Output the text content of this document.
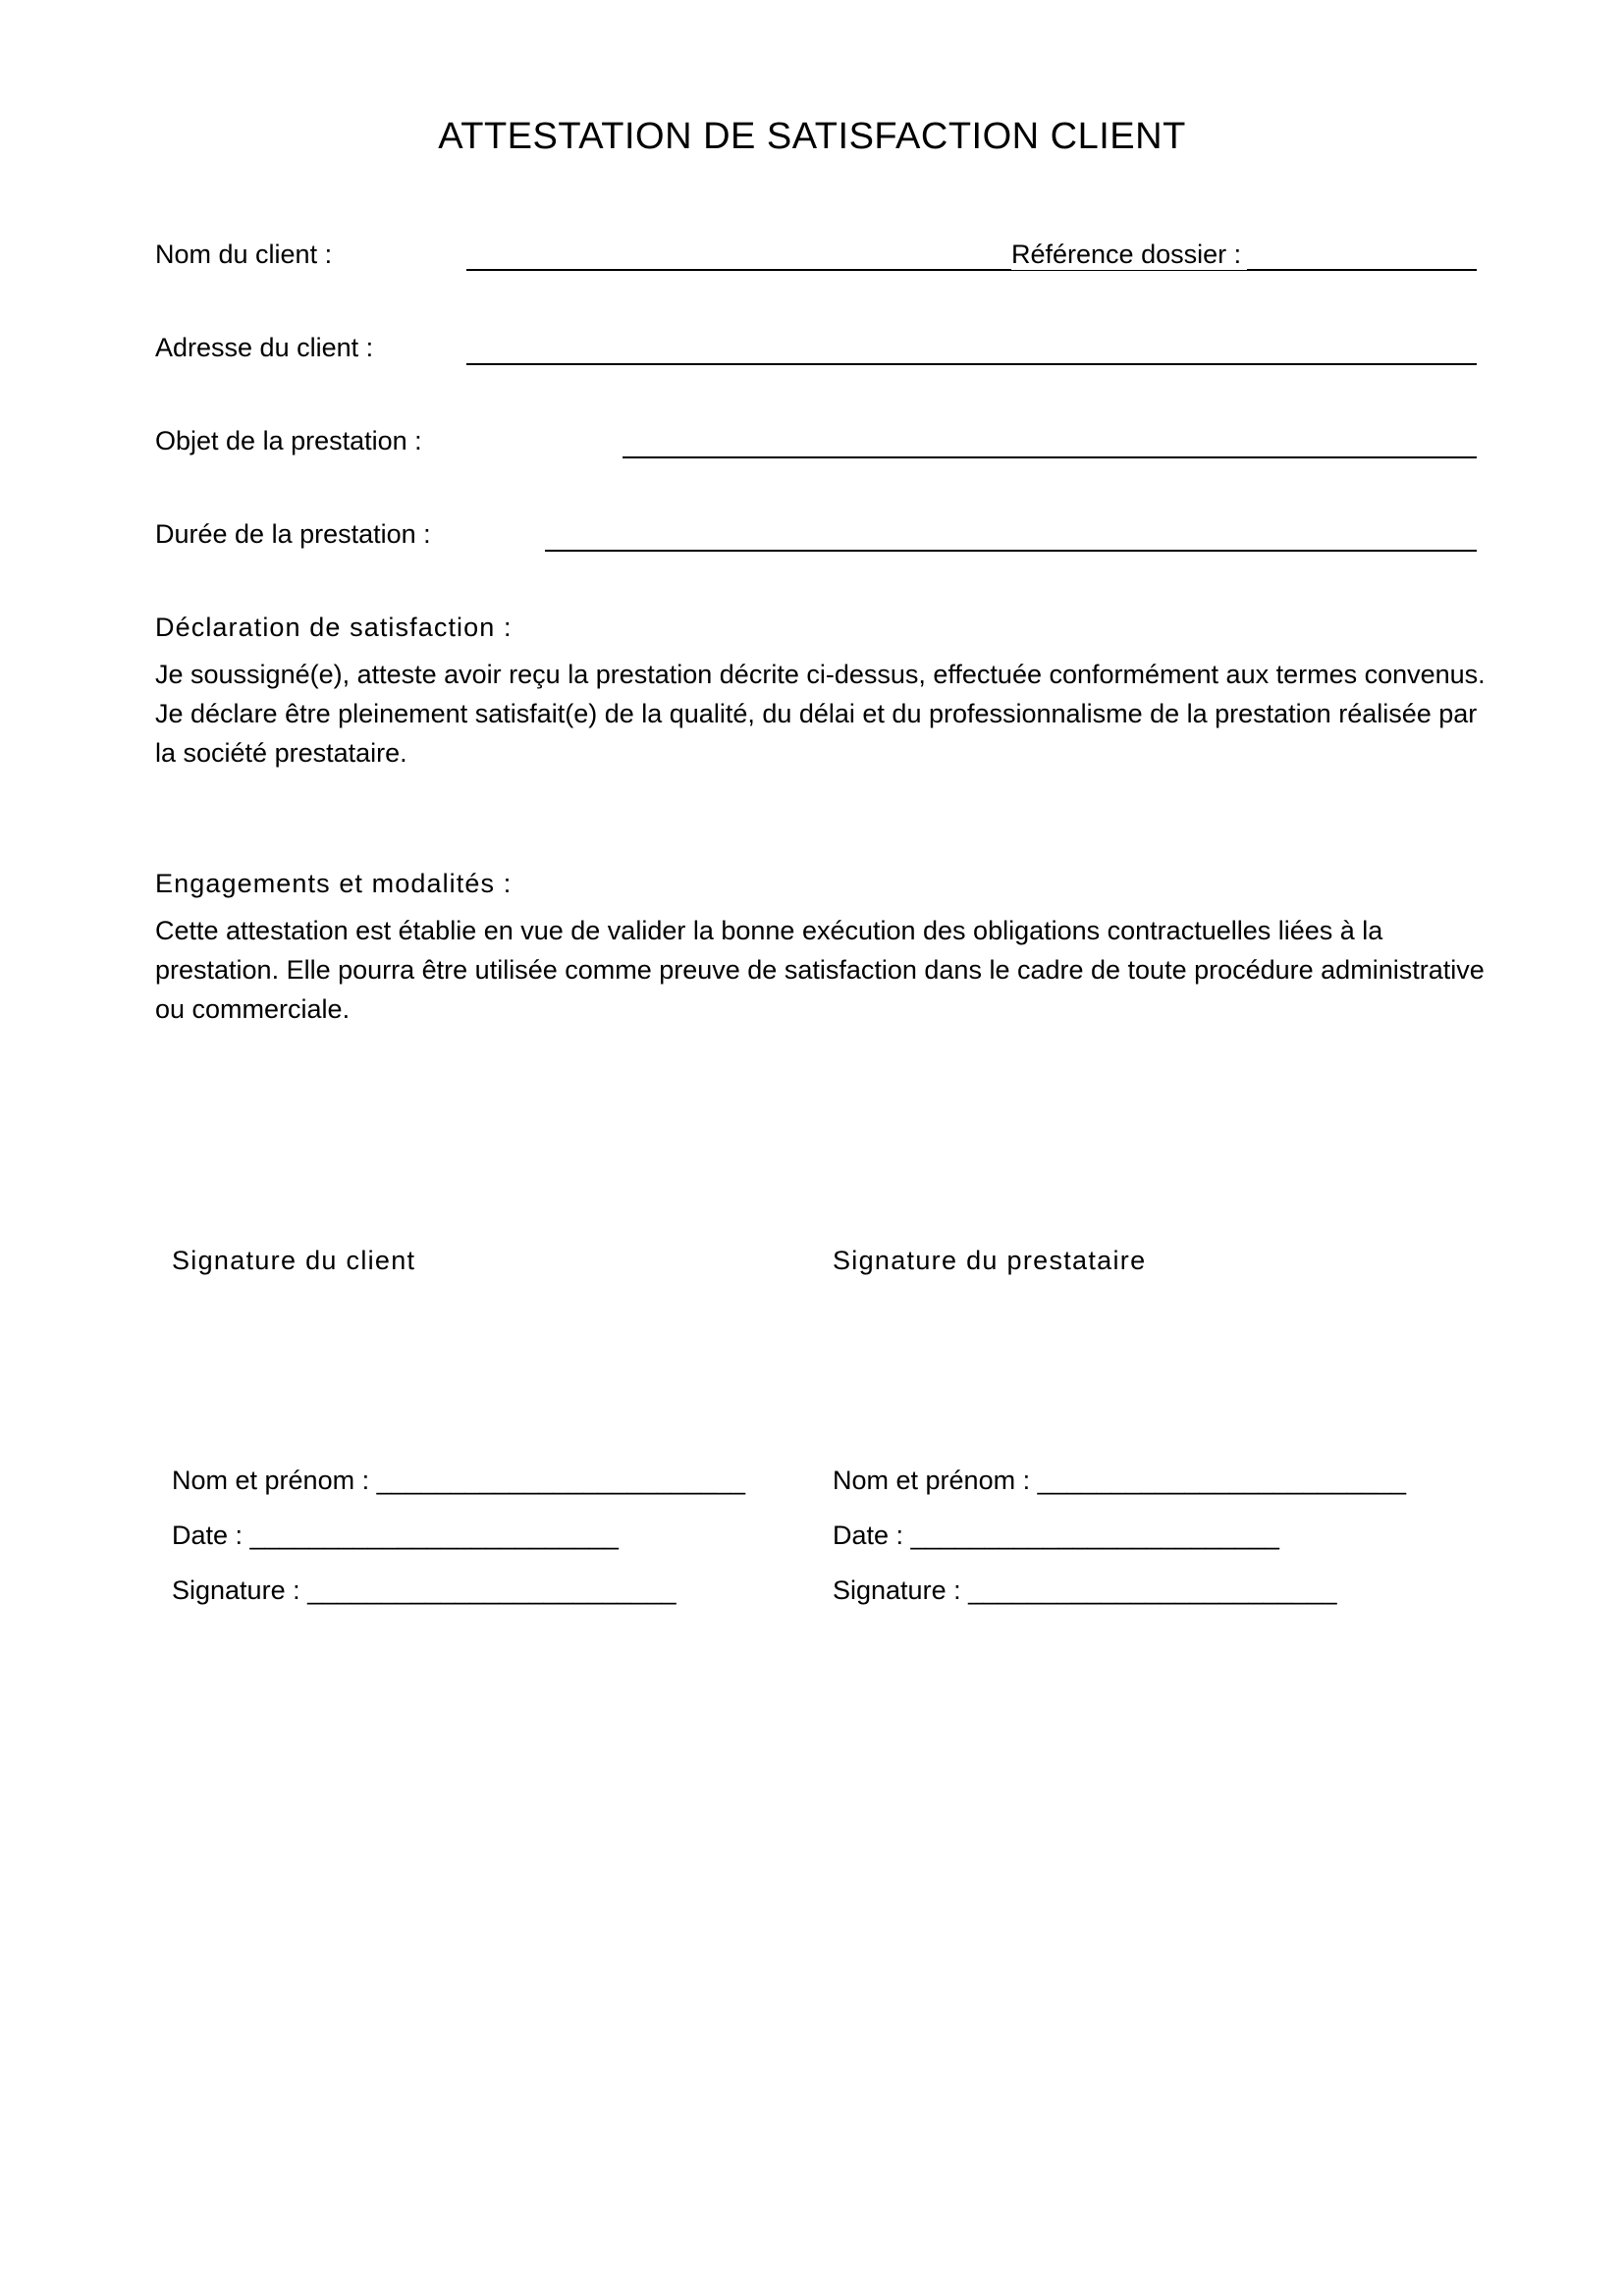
ATTESTATION DE SATISFACTION CLIENT
Nom du client :	Référence dossier :
Adresse du client :
Objet de la prestation :
Durée de la prestation :
Déclaration de satisfaction :
Je soussigné(e), atteste avoir reçu la prestation décrite ci-dessus, effectuée conformément aux termes convenus. Je déclare être pleinement satisfait(e) de la qualité, du délai et du professionnalisme de la prestation réalisée par la société prestataire.
Engagements et modalités :
Cette attestation est établie en vue de valider la bonne exécution des obligations contractuelles liées à la prestation. Elle pourra être utilisée comme preuve de satisfaction dans le cadre de toute procédure administrative ou commerciale.
Signature du client
Nom et prénom : _________________________
Date : _________________________
Signature : _________________________
Signature du prestataire
Nom et prénom : _________________________
Date : _________________________
Signature : _________________________
